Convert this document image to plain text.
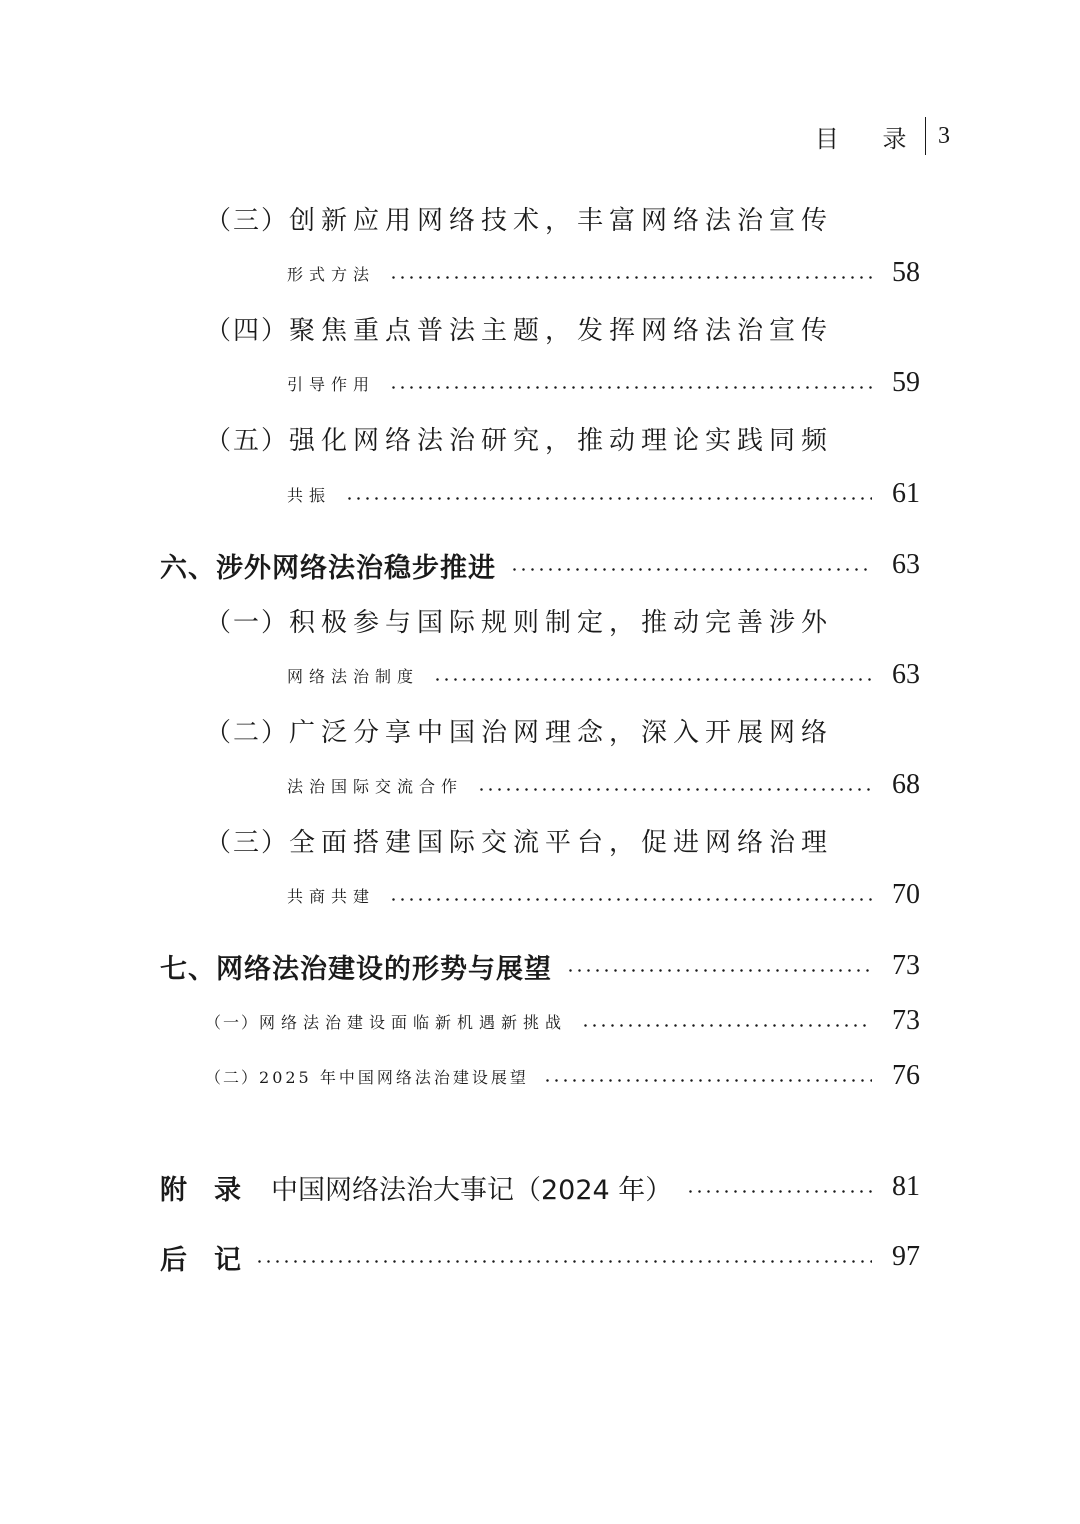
目 录 3
（三） 创新应用网络技术，丰富网络法治宣传
形式方法	58
（四） 聚焦重点普法主题，发挥网络法治宣传
引导作用	59
（五） 强化网络法治研究，推动理论实践同频
共振	61
六、涉外网络法治稳步推进	63
（一） 积极参与国际规则制定，推动完善涉外
网络法治制度	63
（二） 广泛分享中国治网理念，深入开展网络
法治国际交流合作	68
（三） 全面搭建国际交流平台，促进网络治理
共商共建	70
七、网络法治建设的形势与展望	73
（一） 网络法治建设面临新机遇新挑战	73
（二） 2025 年中国网络法治建设展望	76
附　录 中国网络法治大事记（2024 年）	81
后　记	97
